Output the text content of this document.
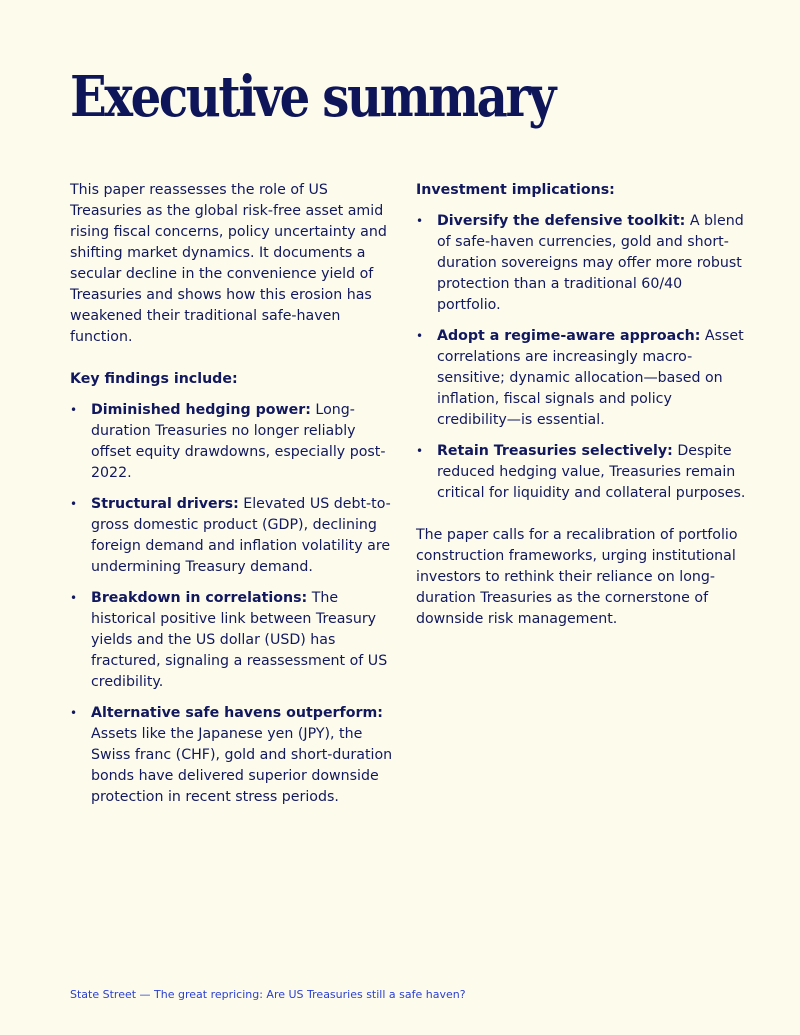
Executive summary

This paper reassesses the role of US Treasuries as the global risk-free asset amid rising fiscal concerns, policy uncertainty and shifting market dynamics. It documents a secular decline in the convenience yield of Treasuries and shows how this erosion has weakened their traditional safe-haven function.

Key findings include:

• Diminished hedging power: Long-duration Treasuries no longer reliably offset equity drawdowns, especially post-2022.
• Structural drivers: Elevated US debt-to-gross domestic product (GDP), declining foreign demand and inflation volatility are undermining Treasury demand.
• Breakdown in correlations: The historical positive link between Treasury yields and the US dollar (USD) has fractured, signaling a reassessment of US credibility.
• Alternative safe havens outperform: Assets like the Japanese yen (JPY), the Swiss franc (CHF), gold and short-duration bonds have delivered superior downside protection in recent stress periods.

Investment implications:

• Diversify the defensive toolkit: A blend of safe-haven currencies, gold and short-duration sovereigns may offer more robust protection than a traditional 60/40 portfolio.
• Adopt a regime-aware approach: Asset correlations are increasingly macro-sensitive; dynamic allocation—based on inflation, fiscal signals and policy credibility—is essential.
• Retain Treasuries selectively: Despite reduced hedging value, Treasuries remain critical for liquidity and collateral purposes.

The paper calls for a recalibration of portfolio construction frameworks, urging institutional investors to rethink their reliance on long-duration Treasuries as the cornerstone of downside risk management.

State Street — The great repricing: Are US Treasuries still a safe haven?
